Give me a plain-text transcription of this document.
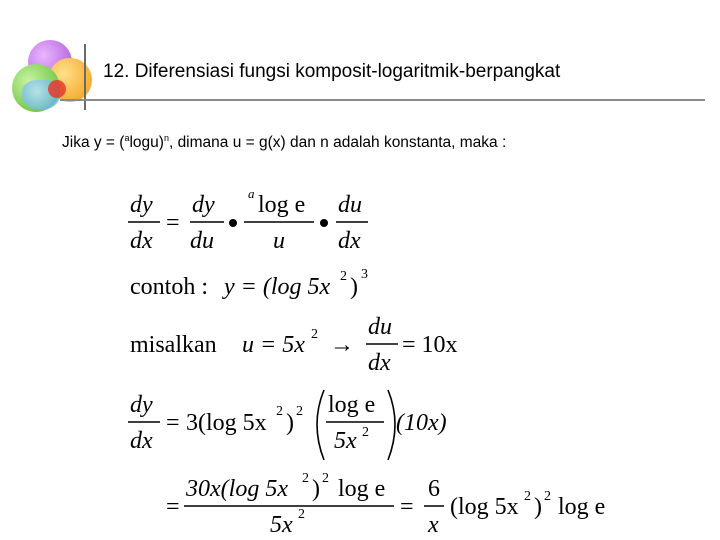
12. Diferensiasi fungsi komposit-logaritmik-berpangkat
Jika $y = (^a\log u)^n$, dimana u = g(x) dan n adalah konstanta, maka :
dy
dx
=
dy
du
a log e
u
du
dx
contoh : y = (log 5x 2 ) 3
misalkan u = 5x 2 →
du
dx
= 10x
dy
dx
= 3(log 5x 2 ) 2 log e
5x 2 (10x)
=
30x(log 5x 2 ) 2 log e
5x 2	=
6
x
(log 5x 2 ) 2 log e
